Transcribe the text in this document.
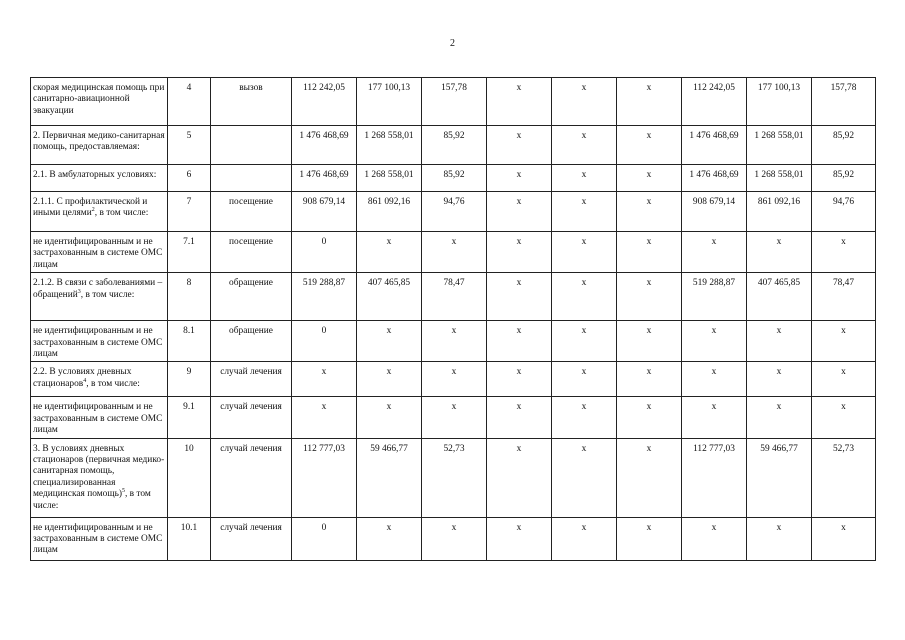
2
скорая медицинская помощь при санитарно-авиационной эвакуации	4	вызов	112 242,05	177 100,13	157,78	x	x	x	112 242,05	177 100,13	157,78
2. Первичная медико-санитарная помощь, предоставляемая:	5		1 476 468,69	1 268 558,01	85,92	x	x	x	1 476 468,69	1 268 558,01	85,92
2.1. В амбулаторных условиях:	6		1 476 468,69	1 268 558,01	85,92	x	x	x	1 476 468,69	1 268 558,01	85,92
2.1.1. С профилактической и иными целями$^2$, в том числе:	7	посещение	908 679,14	861 092,16	94,76	x	x	x	908 679,14	861 092,16	94,76
не идентифицированным и не застрахованным в системе ОМС лицам	7.1	посещение	0	x	x	x	x	x	x	x	x
2.1.2. В связи с заболеваниями – обращений$^3$, в том числе:	8	обращение	519 288,87	407 465,85	78,47	x	x	x	519 288,87	407 465,85	78,47
не идентифицированным и не застрахованным в системе ОМС лицам	8.1	обращение	0	x	x	x	x	x	x	x	x
2.2. В условиях дневных стационаров$^4$, в том числе:	9	случай лечения	x	x	x	x	x	x	x	x	x
не идентифицированным и не застрахованным в системе ОМС лицам	9.1	случай лечения	x	x	x	x	x	x	x	x	x
3. В условиях дневных стационаров (первичная медико-санитарная помощь, специализированная медицинская помощь)$^5$, в том числе:	10	случай лечения	112 777,03	59 466,77	52,73	x	x	x	112 777,03	59 466,77	52,73
не идентифицированным и не застрахованным в системе ОМС лицам	10.1	случай лечения	0	x	x	x	x	x	x	x	x
